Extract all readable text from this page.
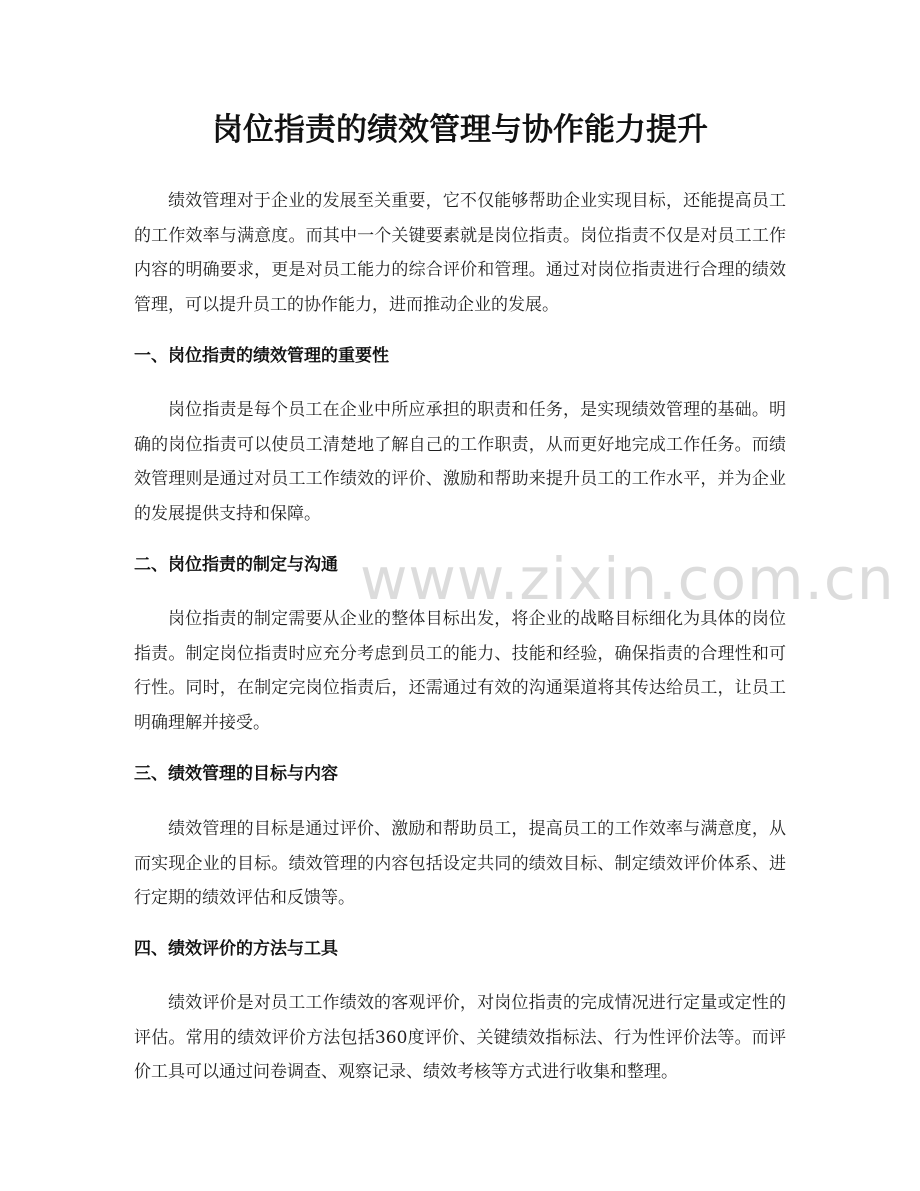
岗位指责的绩效管理与协作能力提升

绩效管理对于企业的发展至关重要，它不仅能够帮助企业实现目标，还能提高员工的工作效率与满意度。而其中一个关键要素就是岗位指责。岗位指责不仅是对员工工作内容的明确要求，更是对员工能力的综合评价和管理。通过对岗位指责进行合理的绩效管理，可以提升员工的协作能力，进而推动企业的发展。

一、岗位指责的绩效管理的重要性

岗位指责是每个员工在企业中所应承担的职责和任务，是实现绩效管理的基础。明确的岗位指责可以使员工清楚地了解自己的工作职责，从而更好地完成工作任务。而绩效管理则是通过对员工工作绩效的评价、激励和帮助来提升员工的工作水平，并为企业的发展提供支持和保障。

二、岗位指责的制定与沟通

岗位指责的制定需要从企业的整体目标出发，将企业的战略目标细化为具体的岗位指责。制定岗位指责时应充分考虑到员工的能力、技能和经验，确保指责的合理性和可行性。同时，在制定完岗位指责后，还需通过有效的沟通渠道将其传达给员工，让员工明确理解并接受。

三、绩效管理的目标与内容

绩效管理的目标是通过评价、激励和帮助员工，提高员工的工作效率与满意度，从而实现企业的目标。绩效管理的内容包括设定共同的绩效目标、制定绩效评价体系、进行定期的绩效评估和反馈等。

四、绩效评价的方法与工具

绩效评价是对员工工作绩效的客观评价，对岗位指责的完成情况进行定量或定性的评估。常用的绩效评价方法包括360度评价、关键绩效指标法、行为性评价法等。而评价工具可以通过问卷调查、观察记录、绩效考核等方式进行收集和整理。

www.zixin.com.cn
